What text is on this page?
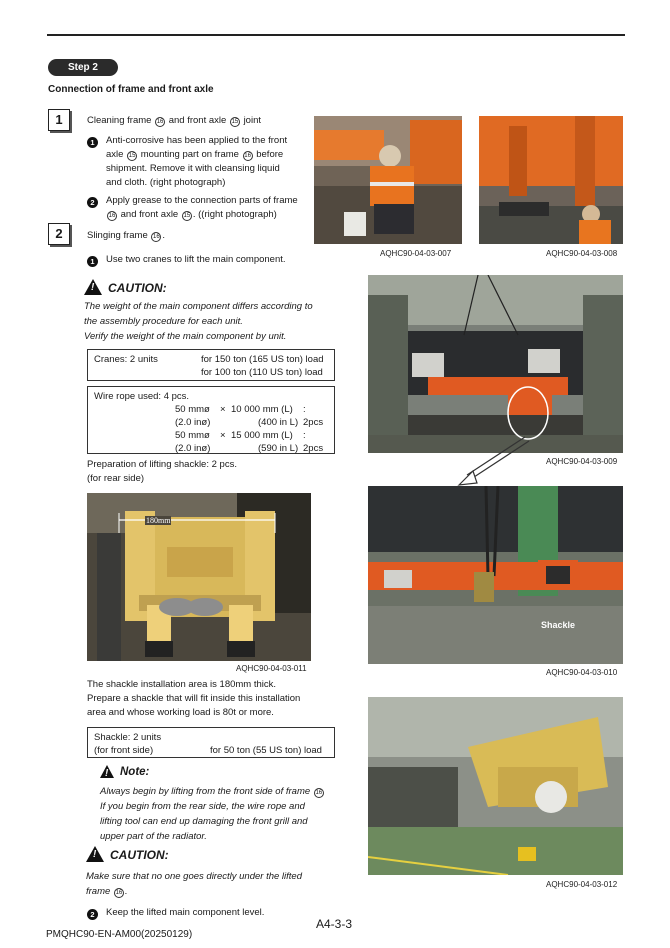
Step 2
Connection of frame and front axle
1	Cleaning frame 16 and front axle 15 joint
1	Anti-corrosive has been applied to the front
axle 15 mounting part on frame 16 before
shipment. Remove it with cleansing liquid
and cloth. (right photograph)
2	Apply grease to the connection parts of frame
16 and front axle 15 . ((right photograph)
2	Slinging frame 16 .
1	Use two cranes to lift the main component.
!CAUTION:
The weight of the main component differs according to
the assembly procedure for each unit.
Verify the weight of the main component by unit.
Cranes: 2 units	for 150 ton (165 US ton) load
for 100 ton (110 US ton) load
Wire rope used: 4 pcs.
50 mmø × 10 000 mm (L) : 2pcs
(2.0 inø)	(400 in L)
50 mmø × 15 000 mm (L) : 2pcs
(2.0 inø)	(590 in L)
Preparation of lifting shackle: 2 pcs.
(for rear side)
180mm
AQHC90-04-03-011
The shackle installation area is 180mm thick.
Prepare a shackle that will fit inside this installation
area and whose working load is 80t or more.
Shackle: 2 units
(for front side)	for 50 ton (55 US ton) load
!Note:
Always begin by lifting from the front side of frame 16
If you begin from the rear side, the wire rope and
lifting tool can end up damaging the front grill and
upper part of the radiator.
!CAUTION:
Make sure that no one goes directly under the lifted
frame 16 .
2	Keep the lifted main component level.
AQHC90-04-03-007	AQHC90-04-03-008
AQHC90-04-03-009
Shackle
AQHC90-04-03-010
AQHC90-04-03-012
A4-3-3
PMQHC90-EN-AM00(20250129)
